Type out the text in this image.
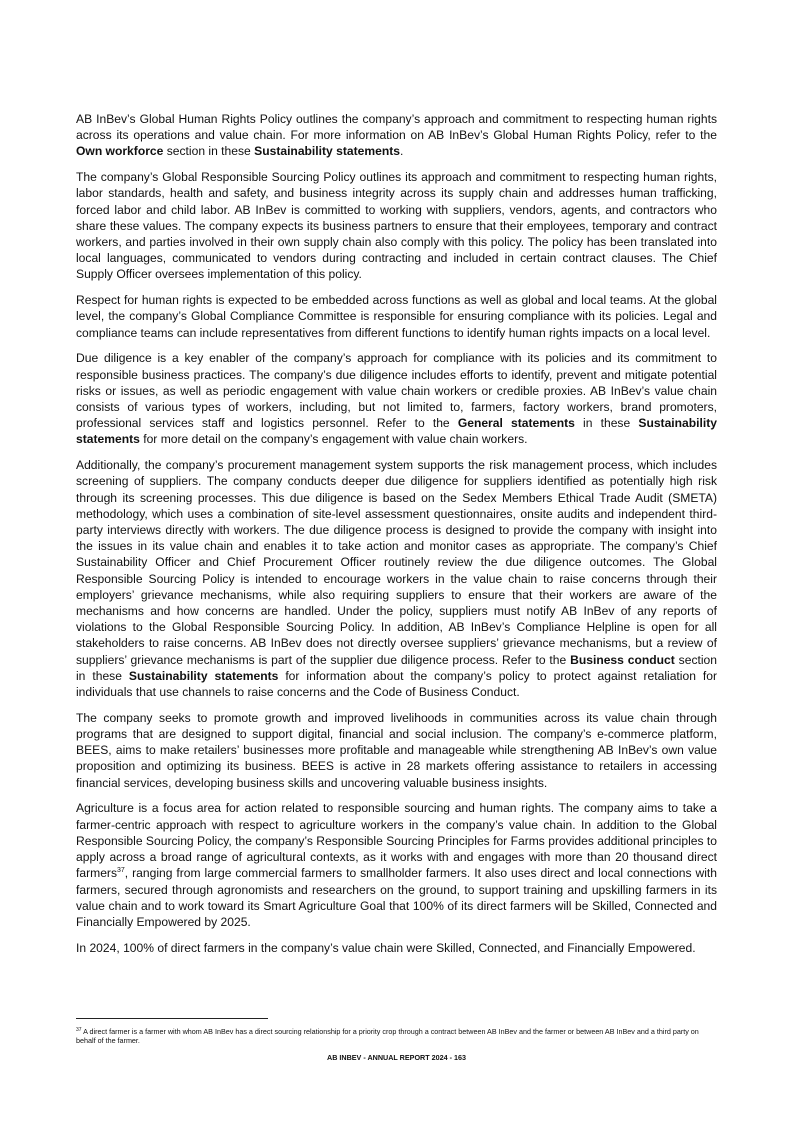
AB InBev’s Global Human Rights Policy outlines the company’s approach and commitment to respecting human rights across its operations and value chain. For more information on AB InBev’s Global Human Rights Policy, refer to the Own workforce section in these Sustainability statements.

The company’s Global Responsible Sourcing Policy outlines its approach and commitment to respecting human rights, labor standards, health and safety, and business integrity across its supply chain and addresses human trafficking, forced labor and child labor. AB InBev is committed to working with suppliers, vendors, agents, and contractors who share these values. The company expects its business partners to ensure that their employees, temporary and contract workers, and parties involved in their own supply chain also comply with this policy. The policy has been translated into local languages, communicated to vendors during contracting and included in certain contract clauses. The Chief Supply Officer oversees implementation of this policy.

Respect for human rights is expected to be embedded across functions as well as global and local teams. At the global level, the company’s Global Compliance Committee is responsible for ensuring compliance with its policies. Legal and compliance teams can include representatives from different functions to identify human rights impacts on a local level.

Due diligence is a key enabler of the company’s approach for compliance with its policies and its commitment to responsible business practices. The company’s due diligence includes efforts to identify, prevent and mitigate potential risks or issues, as well as periodic engagement with value chain workers or credible proxies. AB InBev’s value chain consists of various types of workers, including, but not limited to, farmers, factory workers, brand promoters, professional services staff and logistics personnel. Refer to the General statements in these Sustainability statements for more detail on the company’s engagement with value chain workers.

Additionally, the company’s procurement management system supports the risk management process, which includes screening of suppliers. The company conducts deeper due diligence for suppliers identified as potentially high risk through its screening processes. This due diligence is based on the Sedex Members Ethical Trade Audit (SMETA) methodology, which uses a combination of site-level assessment questionnaires, onsite audits and independent third-party interviews directly with workers. The due diligence process is designed to provide the company with insight into the issues in its value chain and enables it to take action and monitor cases as appropriate. The company’s Chief Sustainability Officer and Chief Procurement Officer routinely review the due diligence outcomes. The Global Responsible Sourcing Policy is intended to encourage workers in the value chain to raise concerns through their employers’ grievance mechanisms, while also requiring suppliers to ensure that their workers are aware of the mechanisms and how concerns are handled. Under the policy, suppliers must notify AB InBev of any reports of violations to the Global Responsible Sourcing Policy. In addition, AB InBev’s Compliance Helpline is open for all stakeholders to raise concerns. AB InBev does not directly oversee suppliers’ grievance mechanisms, but a review of suppliers’ grievance mechanisms is part of the supplier due diligence process. Refer to the Business conduct section in these Sustainability statements for information about the company’s policy to protect against retaliation for individuals that use channels to raise concerns and the Code of Business Conduct.

The company seeks to promote growth and improved livelihoods in communities across its value chain through programs that are designed to support digital, financial and social inclusion. The company’s e-commerce platform, BEES, aims to make retailers’ businesses more profitable and manageable while strengthening AB InBev’s own value proposition and optimizing its business. BEES is active in 28 markets offering assistance to retailers in accessing financial services, developing business skills and uncovering valuable business insights.

Agriculture is a focus area for action related to responsible sourcing and human rights. The company aims to take a farmer-centric approach with respect to agriculture workers in the company’s value chain. In addition to the Global Responsible Sourcing Policy, the company’s Responsible Sourcing Principles for Farms provides additional principles to apply across a broad range of agricultural contexts, as it works with and engages with more than 20 thousand direct farmers$^{37}$, ranging from large commercial farmers to smallholder farmers. It also uses direct and local connections with farmers, secured through agronomists and researchers on the ground, to support training and upskilling farmers in its value chain and to work toward its Smart Agriculture Goal that 100% of its direct farmers will be Skilled, Connected and Financially Empowered by 2025.

In 2024, 100% of direct farmers in the company’s value chain were Skilled, Connected, and Financially Empowered.

$^{37}$ A direct farmer is a farmer with whom AB InBev has a direct sourcing relationship for a priority crop through a contract between AB InBev and the farmer or between AB InBev and a third party on behalf of the farmer.

AB INBEV - ANNUAL REPORT 2024 - 163
